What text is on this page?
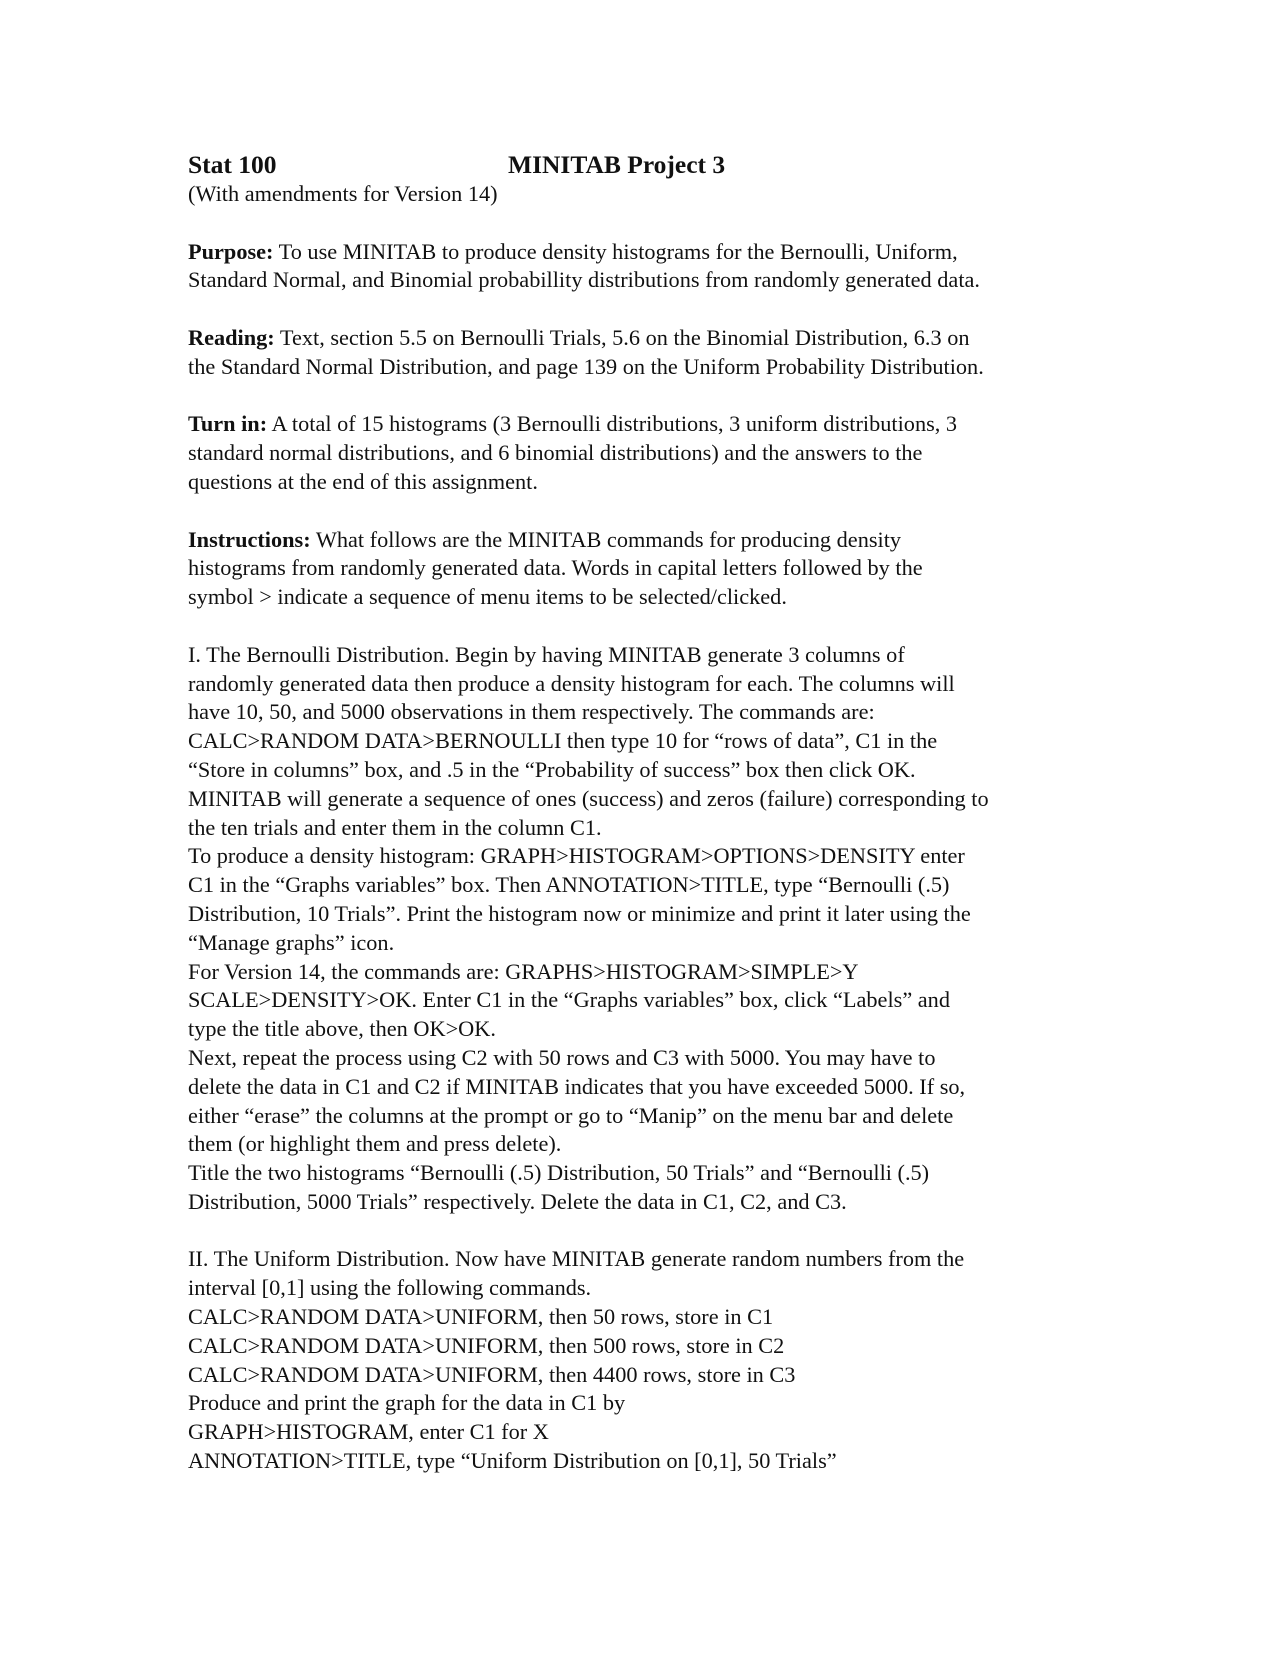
Stat 100	MINITAB Project 3
(With amendments for Version 14)
Purpose: To use MINITAB to produce density histograms for the Bernoulli, Uniform,
Standard Normal, and Binomial probabillity distributions from randomly generated data.
Reading: Text, section 5.5 on Bernoulli Trials, 5.6 on the Binomial Distribution, 6.3 on
the Standard Normal Distribution, and page 139 on the Uniform Probability Distribution.
Turn in: A total of 15 histograms (3 Bernoulli distributions, 3 uniform distributions, 3
standard normal distributions, and 6 binomial distributions) and the answers to the
questions at the end of this assignment.
Instructions: What follows are the MINITAB commands for producing density
histograms from randomly generated data. Words in capital letters followed by the
symbol > indicate a sequence of menu items to be selected/clicked.
I. The Bernoulli Distribution. Begin by having MINITAB generate 3 columns of
randomly generated data then produce a density histogram for each. The columns will
have 10, 50, and 5000 observations in them respectively. The commands are:
CALC>RANDOM DATA>BERNOULLI then type 10 for “rows of data”, C1 in the
“Store in columns” box, and .5 in the “Probability of success” box then click OK.
MINITAB will generate a sequence of ones (success) and zeros (failure) corresponding to
the ten trials and enter them in the column C1.
To produce a density histogram: GRAPH>HISTOGRAM>OPTIONS>DENSITY enter
C1 in the “Graphs variables” box. Then ANNOTATION>TITLE, type “Bernoulli (.5)
Distribution, 10 Trials”. Print the histogram now or minimize and print it later using the
“Manage graphs” icon.
For Version 14, the commands are: GRAPHS>HISTOGRAM>SIMPLE>Y
SCALE>DENSITY>OK. Enter C1 in the “Graphs variables” box, click “Labels” and
type the title above, then OK>OK.
Next, repeat the process using C2 with 50 rows and C3 with 5000. You may have to
delete the data in C1 and C2 if MINITAB indicates that you have exceeded 5000. If so,
either “erase” the columns at the prompt or go to “Manip” on the menu bar and delete
them (or highlight them and press delete).
Title the two histograms “Bernoulli (.5) Distribution, 50 Trials” and “Bernoulli (.5)
Distribution, 5000 Trials” respectively. Delete the data in C1, C2, and C3.
II. The Uniform Distribution. Now have MINITAB generate random numbers from the
interval [0,1] using the following commands.
CALC>RANDOM DATA>UNIFORM, then 50 rows, store in C1
CALC>RANDOM DATA>UNIFORM, then 500 rows, store in C2
CALC>RANDOM DATA>UNIFORM, then 4400 rows, store in C3
Produce and print the graph for the data in C1 by
GRAPH>HISTOGRAM, enter C1 for X
ANNOTATION>TITLE, type “Uniform Distribution on [0,1], 50 Trials”
